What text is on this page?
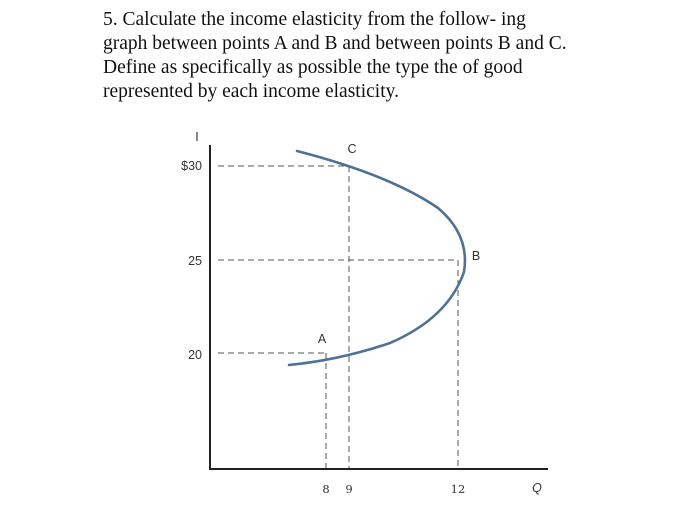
5. Calculate the income elasticity from the follow- ing
graph between points A and B and between points B and C.
Define as specifically as possible the type the of good
represented by each income elasticity.
I
Q
$30
25
20
8 9	12
C
B
A
